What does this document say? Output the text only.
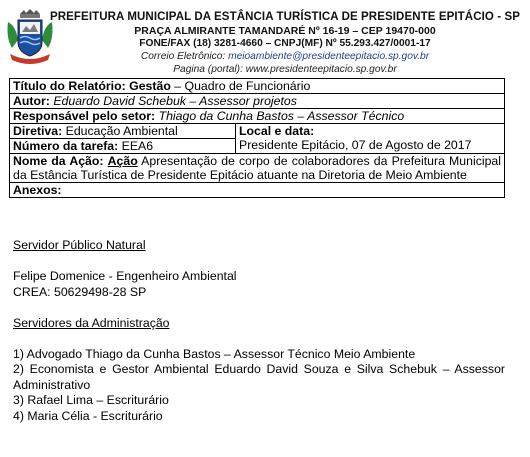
PREFEITURA MUNICIPAL DA ESTÂNCIA TURÍSTICA DE PRESIDENTE EPITÁCIO - SP
PRAÇA ALMIRANTE TAMANDARÉ Nº 16-19 – CEP 19470-000
FONE/FAX (18) 3281-4660 – CNPJ(MF) Nº 55.293.427/0001-17
Correio Eletrônico: meioambiente@presidenteepitacio.sp.gov.br
Pagina (portal): www.presidenteepitacio.sp.gov.br
Título do Relatório: Gestão – Quadro de Funcionário
Autor: Eduardo David Schebuk – Assessor projetos
Responsável pelo setor: Thiago da Cunha Bastos – Assessor Técnico
Diretiva: Educação Ambiental	Local e data:
Presidente Epitácio, 07 de Agosto de 2017

Número da tarefa: EEA6
Nome da Ação: Ação Apresentação de corpo de colaboradores da Prefeitura Municipal da Estância Turística de Presidente Epitácio atuante na Diretoria de Meio Ambiente
Anexos:

Servidor Público Natural

Felipe Domenice - Engenheiro Ambiental

CREA: 50629498-28 SP

Servidores da Administração

1) Advogado Thiago da Cunha Bastos – Assessor Técnico Meio Ambiente

2) Economista e Gestor Ambiental Eduardo David Souza e Silva Schebuk – Assessor Administrativo

3) Rafael Lima – Escriturário

4) Maria Célia - Escriturário
